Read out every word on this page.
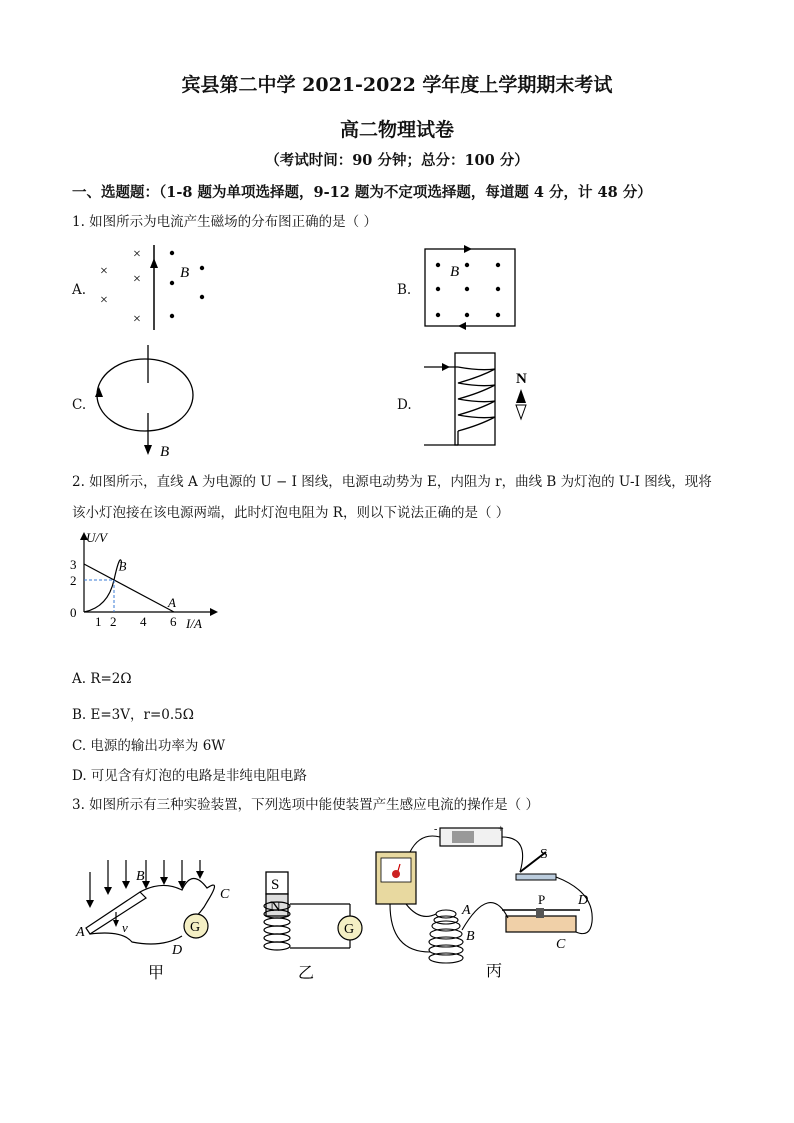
宾县第二中学 2021-2022 学年度上学期期末考试
高二物理试卷
（考试时间：90 分钟；总分：100 分）
一、选题题：（1-8 题为单项选择题，9-12 题为不定项选择题，每道题 4 分，计 48 分）
1. 如图所示为电流产生磁场的分布图正确的是（ ）
A.	B.
C.	D.
×
×
×
×
×
B	B
B
N
2. 如图所示，直线 A 为电源的 U − I 图线，电源电动势为 E，内阻为 r，曲线 B 为灯泡的 U-I 图线，现将
该小灯泡接在该电源两端，此时灯泡电阻为 R，则以下说法正确的是（ ）
U/V
I/A
A
B
1 2 4 6
0
2
3
A. R=2Ω
B. E=3V，r=0.5Ω
C. 电源的输出功率为 6W
D. 可见含有灯泡的电路是非纯电阻电路
3. 如图所示有三种实验装置，下列选项中能使装置产生感应电流的操作是（ ）
G
v
A
B
C
D
甲
S
N
G
乙
-	+
S
A
B
P D
C
丙
